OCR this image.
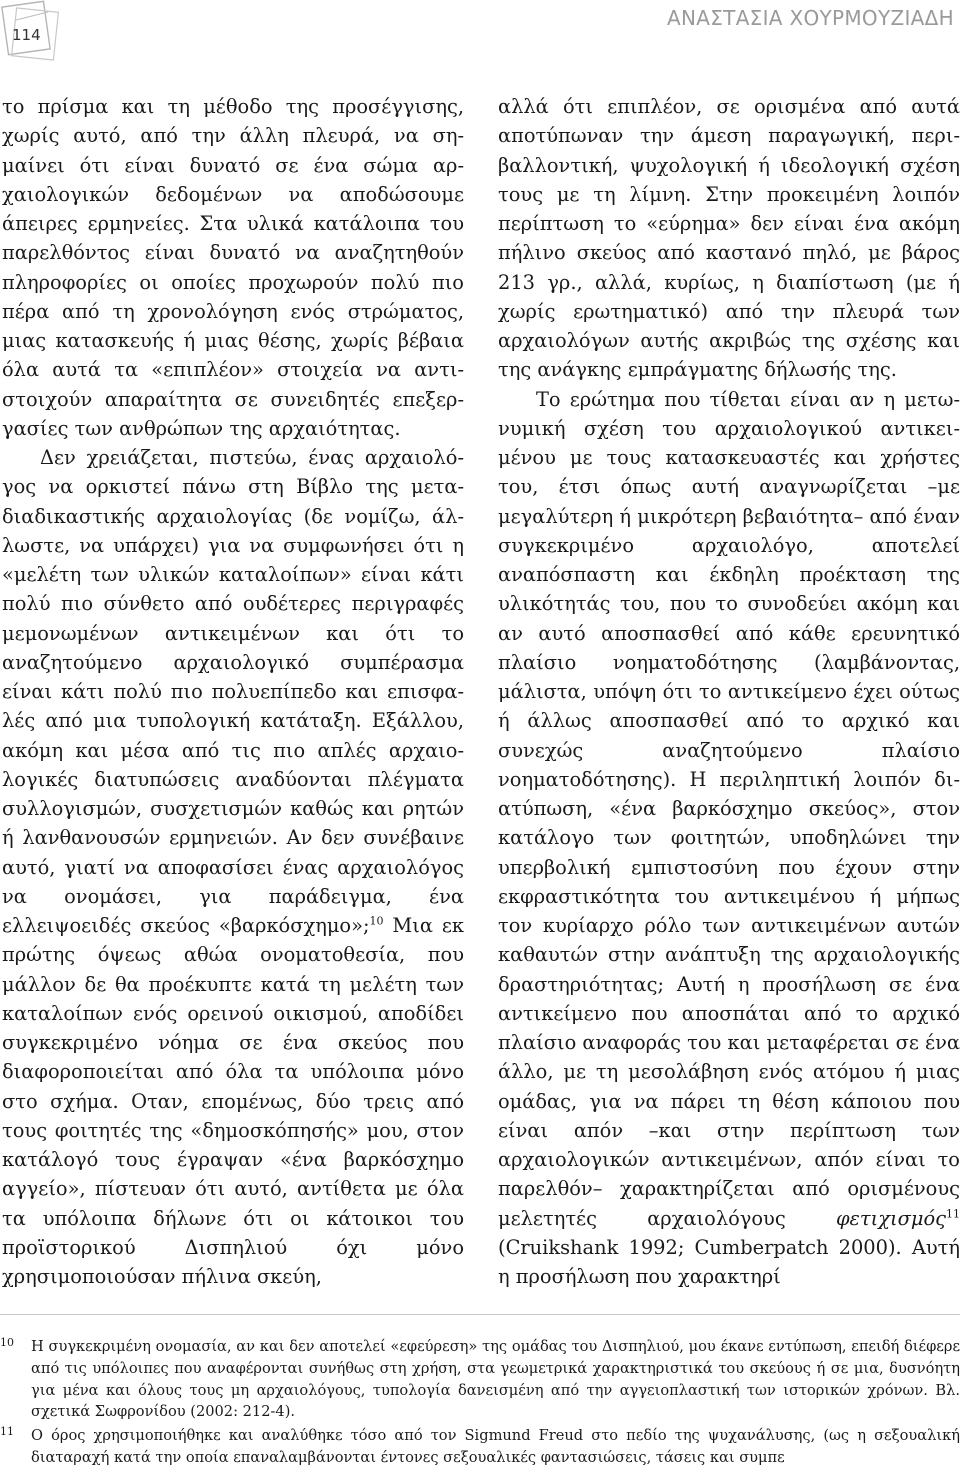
114
ΑΝΑΣΤΑΣΙΑ ΧΟΥΡΜΟΥΖΙΑΔΗ

το πρίσμα και τη μέθοδο της προσέγγισης, χωρίς αυτό, από την άλλη πλευρά, να σημαίνει ότι είναι δυνατό σε ένα σώμα αρχαιολογικών δεδομένων να αποδώσουμε άπειρες ερμηνείες. Στα υλικά κατάλοιπα του παρελθόντος είναι δυνατό να αναζητηθούν πληροφορίες οι οποίες προχωρούν πολύ πιο πέρα από τη χρονολόγηση ενός στρώματος, μιας κατασκευής ή μιας θέσης, χωρίς βέβαια όλα αυτά τα «επιπλέον» στοιχεία να αντιστοιχούν απαραίτητα σε συνειδητές επεξεργασίες των ανθρώπων της αρχαιότητας.

Δεν χρειάζεται, πιστεύω, ένας αρχαιολόγος να ορκιστεί πάνω στη Βίβλο της μεταδιαδικαστικής αρχαιολογίας (δε νομίζω, άλλωστε, να υπάρχει) για να συμφωνήσει ότι η «μελέτη των υλικών καταλοίπων» είναι κάτι πολύ πιο σύνθετο από ουδέτερες περιγραφές μεμονωμένων αντικειμένων και ότι το αναζητούμενο αρχαιολογικό συμπέρασμα είναι κάτι πολύ πιο πολυεπίπεδο και επισφαλές από μια τυπολογική κατάταξη. Εξάλλου, ακόμη και μέσα από τις πιο απλές αρχαιολογικές διατυπώσεις αναδύονται πλέγματα συλλογισμών, συσχετισμών καθώς και ρητών ή λανθανουσών ερμηνειών. Αν δεν συνέβαινε αυτό, γιατί να αποφασίσει ένας αρχαιολόγος να ονομάσει, για παράδειγμα, ένα ελλειψοειδές σκεύος «βαρκόσχημο»;$^{10}$ Μια εκ πρώτης όψεως αθώα ονοματοθεσία, που μάλλον δε θα προέκυπτε κατά τη μελέτη των καταλοίπων ενός ορεινού οικισμού, αποδίδει συγκεκριμένο νόημα σε ένα σκεύος που διαφοροποιείται από όλα τα υπόλοιπα μόνο στο σχήμα. Οταν, επομένως, δύο τρεις από τους φοιτητές της «δημοσκόπησής» μου, στον κατάλογό τους έγραψαν «ένα βαρκόσχημο αγγείο», πίστευαν ότι αυτό, αντίθετα με όλα τα υπόλοιπα δήλωνε ότι οι κάτοικοι του προϊστορικού Δισπηλιού όχι μόνο χρησιμοποιούσαν πήλινα σκεύη,

αλλά ότι επιπλέον, σε ορισμένα από αυτά αποτύπωναν την άμεση παραγωγική, περιβαλλοντική, ψυχολογική ή ιδεολογική σχέση τους με τη λίμνη. Στην προκειμένη λοιπόν περίπτωση το «εύρημα» δεν είναι ένα ακόμη πήλινο σκεύος από καστανό πηλό, με βάρος 213 γρ., αλλά, κυρίως, η διαπίστωση (με ή χωρίς ερωτηματικό) από την πλευρά των αρχαιολόγων αυτής ακριβώς της σχέσης και της ανάγκης εμπράγματης δήλωσής της.

Το ερώτημα που τίθεται είναι αν η μετωνυμική σχέση του αρχαιολογικού αντικειμένου με τους κατασκευαστές και χρήστες του, έτσι όπως αυτή αναγνωρίζεται –με μεγαλύτερη ή μικρότερη βεβαιότητα– από έναν συγκεκριμένο αρχαιολόγο, αποτελεί αναπόσπαστη και έκδηλη προέκταση της υλικότητάς του, που το συνοδεύει ακόμη και αν αυτό αποσπασθεί από κάθε ερευνητικό πλαίσιο νοηματοδότησης (λαμβάνοντας, μάλιστα, υπόψη ότι το αντικείμενο έχει ούτως ή άλλως αποσπασθεί από το αρχικό και συνεχώς αναζητούμενο πλαίσιο νοηματοδότησης). Η περιληπτική λοιπόν διατύπωση, «ένα βαρκόσχημο σκεύος», στον κατάλογο των φοιτητών, υποδηλώνει την υπερβολική εμπιστοσύνη που έχουν στην εκφραστικότητα του αντικειμένου ή μήπως τον κυρίαρχο ρόλο των αντικειμένων αυτών καθαυτών στην ανάπτυξη της αρχαιολογικής δραστηριότητας; Αυτή η προσήλωση σε ένα αντικείμενο που αποσπάται από το αρχικό πλαίσιο αναφοράς του και μεταφέρεται σε ένα άλλο, με τη μεσολάβηση ενός ατόμου ή μιας ομάδας, για να πάρει τη θέση κάποιου που είναι απόν –και στην περίπτωση των αρχαιολογικών αντικειμένων, απόν είναι το παρελθόν– χαρακτηρίζεται από ορισμένους μελετητές αρχαιολόγους φετιχισμός$^{11}$ (Cruikshank 1992; Cumberpatch 2000). Αυτή η προσήλωση που χαρακτηρί

10 Η συγκεκριμένη ονομασία, αν και δεν αποτελεί «εφεύρεση» της ομάδας του Δισπηλιού, μου έκανε εντύπωση, επειδή διέφερε από τις υπόλοιπες που αναφέρονται συνήθως στη χρήση, στα γεωμετρικά χαρακτηριστικά του σκεύους ή σε μια, δυσνόητη για μένα και όλους τους μη αρχαιολόγους, τυπολογία δανεισμένη από την αγγειοπλαστική των ιστορικών χρόνων. Βλ. σχετικά Σωφρονίδου (2002: 212-4).

11 Ο όρος χρησιμοποιήθηκε και αναλύθηκε τόσο από τον Sigmund Freud στο πεδίο της ψυχανάλυσης, (ως η σεξουαλική διαταραχή κατά την οποία επαναλαμβάνονται έντονες σεξουαλικές φαντασιώσεις, τάσεις και συμπε
